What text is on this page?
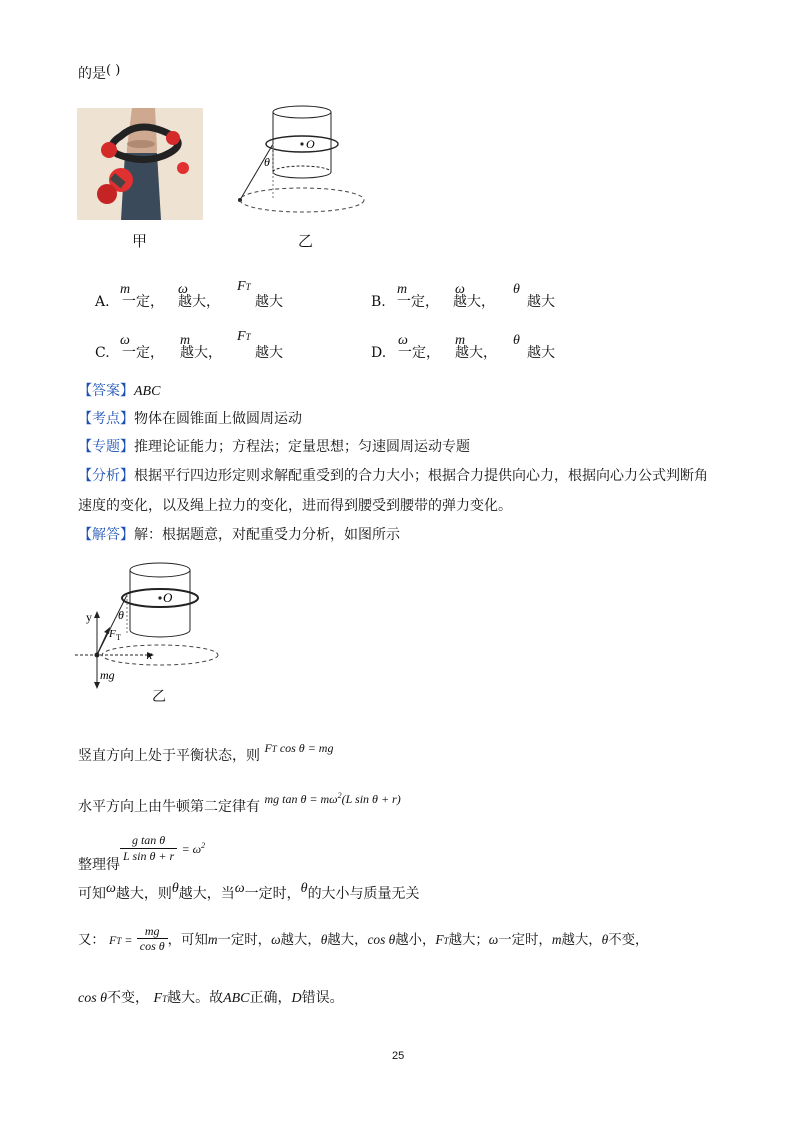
的是( )
甲
O
θ
乙
A.
m
一定，
ω
越大，
FT
越大	B.
m
一定，
ω
越大，
θ
越大
C.
ω
一定，
m
越大，
FT
越大	D.
ω
一定，
m
越大，
θ
越大
【答案】ABC
【考点】物体在圆锥面上做圆周运动
【专题】推理论证能力；方程法；定量思想；匀速圆周运动专题
【分析】根据平行四边形定则求解配重受到的合力大小；根据合力提供向心力，根据向心力公式判断角
速度的变化，以及绳上拉力的变化，进而得到腰受到腰带的弹力变化。
【解答】解：根据题意，对配重受力分析，如图所示
O
θ
y
F T
x
mg
乙
竖直方向上处于平衡状态，则 FT cos θ = mg
水平方向上由牛顿第二定律有 mg $\tan \theta = m\omega^2(L$ sin θ + r)
$\frac{\text{g tan θ}}{\text{L sin θ + r}} = \omega^2$
整理得
可知ω越大，则θ越大，当ω一定时，θ的大小与质量无关
又： FT = $\frac{mg}{\text{cos θ}}$ ，可知m一定时，ω越大，θ越大，cos θ越小，FT越大；ω一定时，m越大，θ不变，
cos θ不变， FT越大。故ABC正确，D错误。
25
